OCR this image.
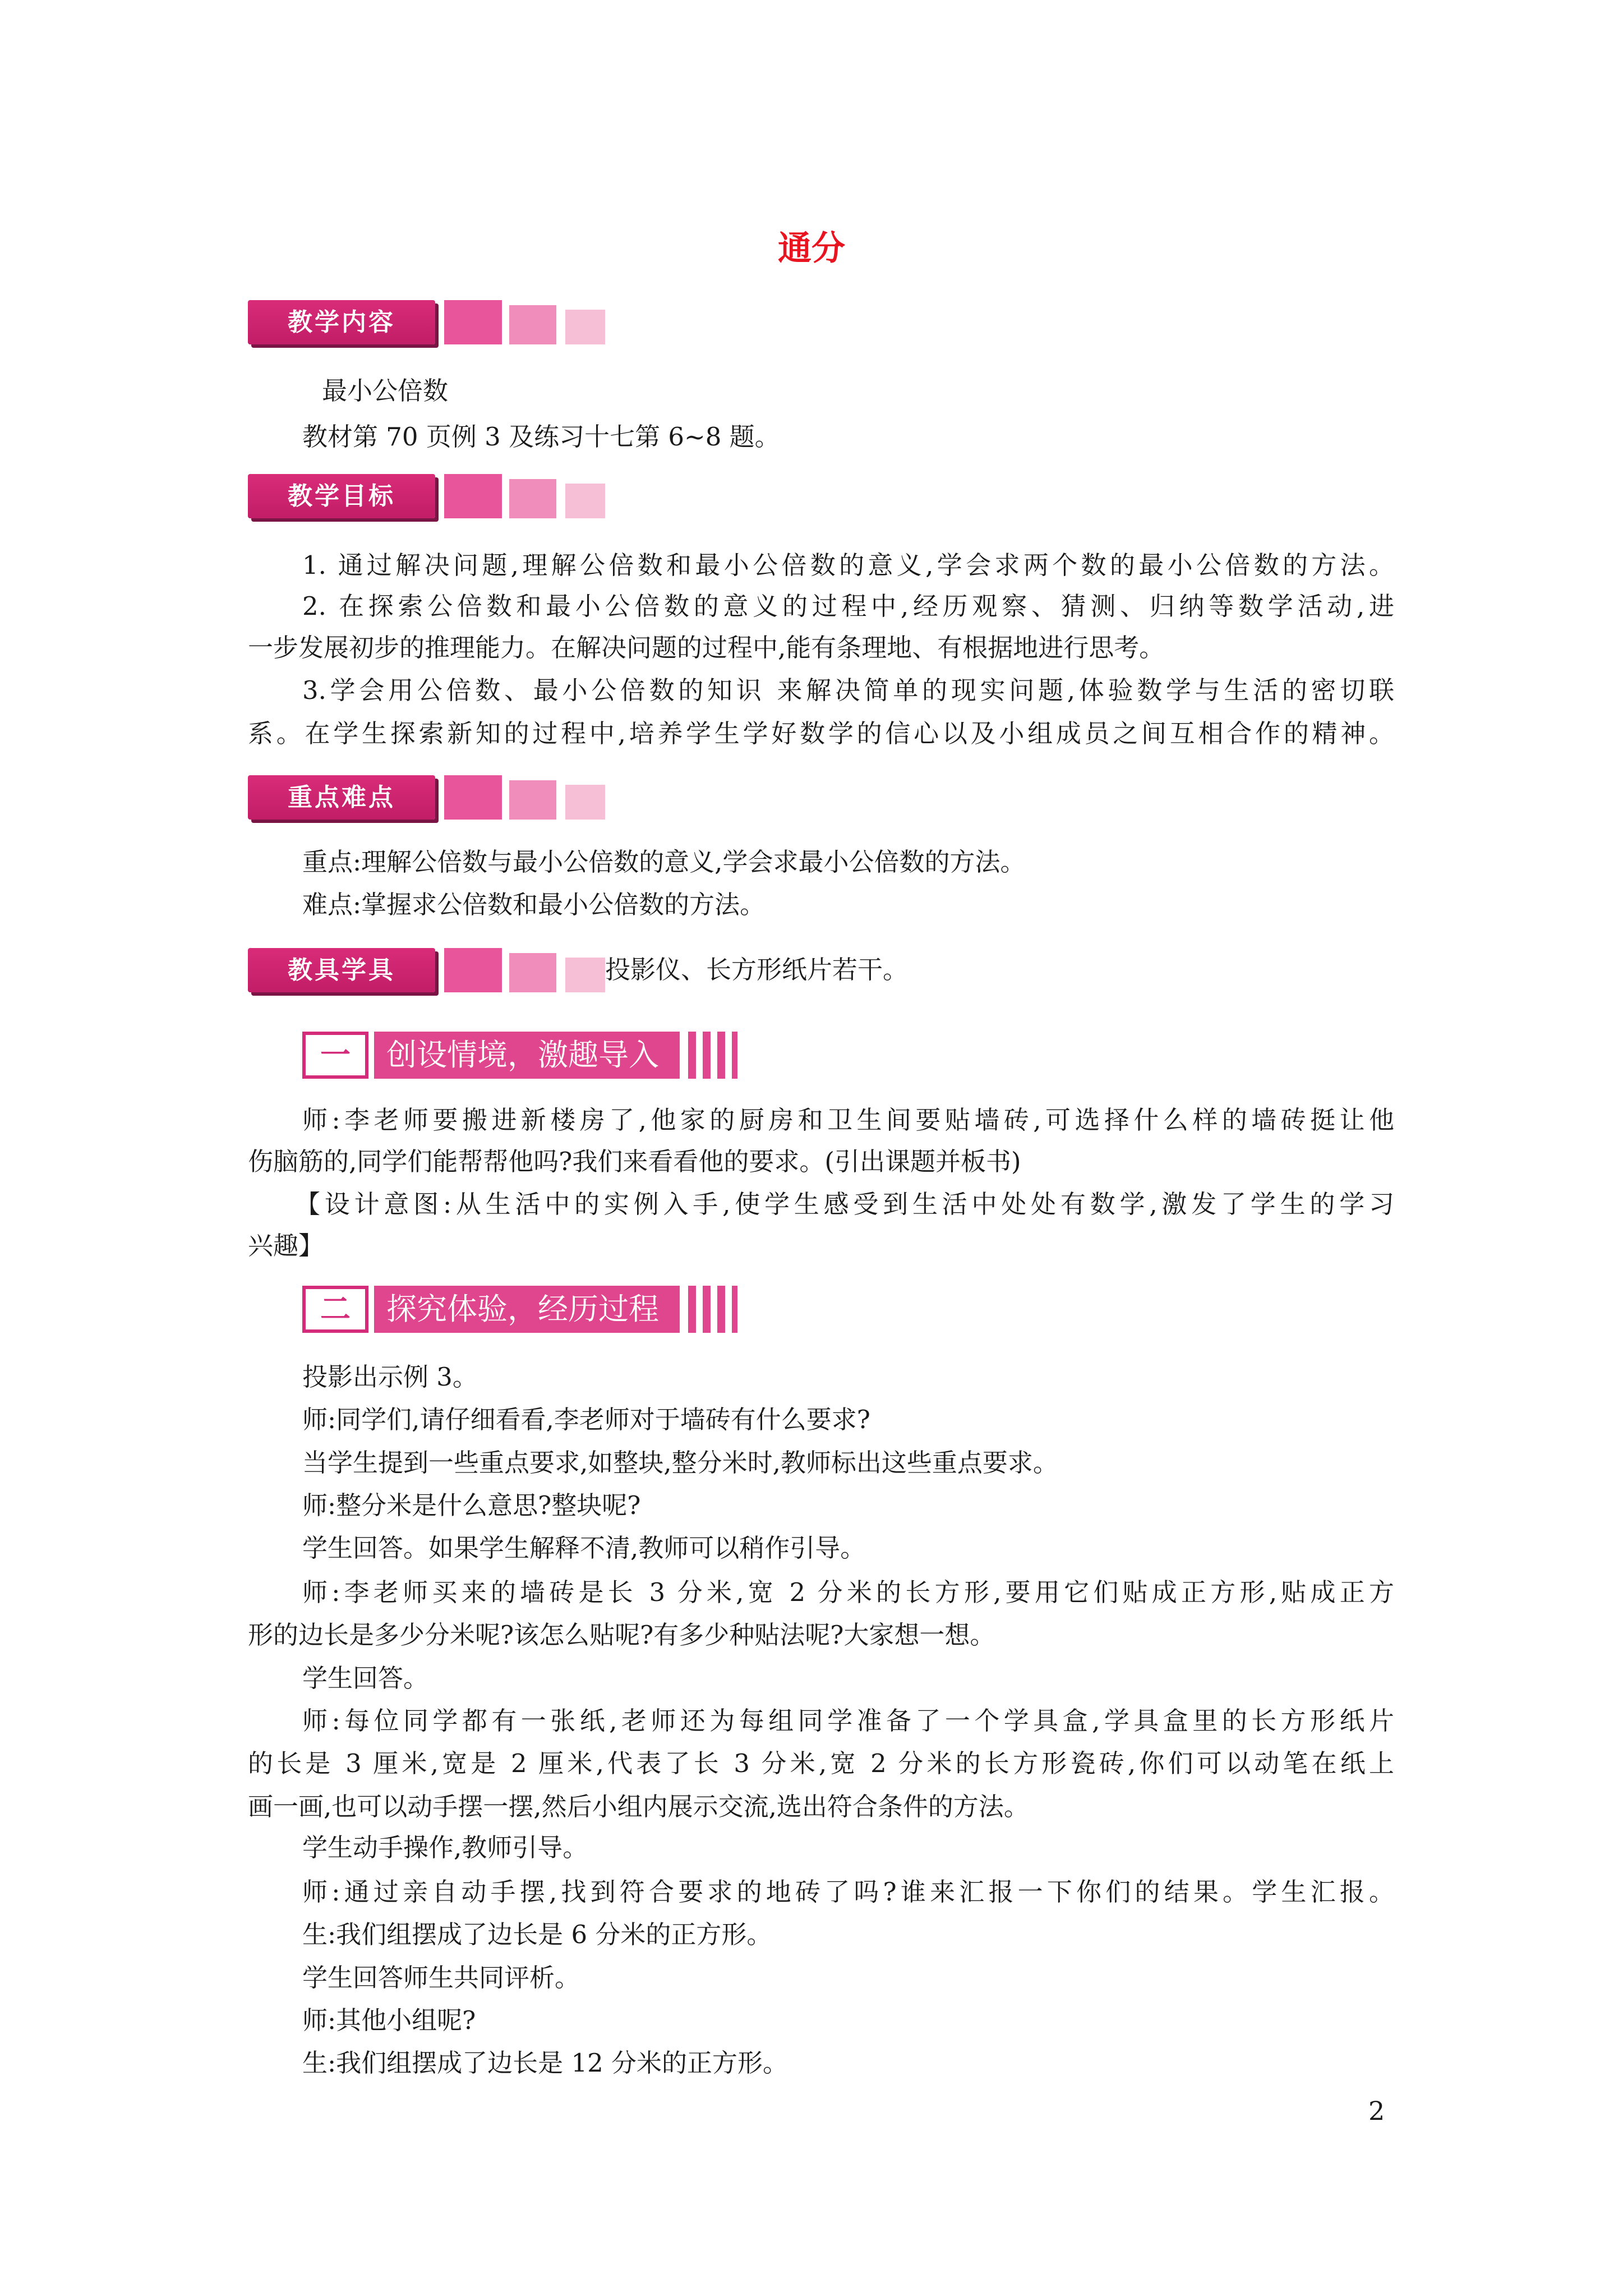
通分
教学内容
最小公倍数
教材第 70 页例 3 及练习十七第 6~8 题。
教学目标
1. 通过解决问题,理解公倍数和最小公倍数的意义,学会求两个数的最小公倍数的方法。
2. 在探索公倍数和最小公倍数的意义的过程中,经历观察、猜测、归纳等数学活动,进
一步发展初步的推理能力。在解决问题的过程中,能有条理地、有根据地进行思考。
3.学会用公倍数、最小公倍数的知识 来解决简单的现实问题,体验数学与生活的密切联
系。在学生探索新知的过程中,培养学生学好数学的信心以及小组成员之间互相合作的精神。
重点难点
重点:理解公倍数与最小公倍数的意义,学会求最小公倍数的方法。
难点:掌握求公倍数和最小公倍数的方法。
教具学具	投影仪、长方形纸片若干。
一	创设情境，激趣导入
师:李老师要搬进新楼房了,他家的厨房和卫生间要贴墙砖,可选择什么样的墙砖挺让他
伤脑筋的,同学们能帮帮他吗?我们来看看他的要求。(引出课题并板书)
【设计意图:从生活中的实例入手,使学生感受到生活中处处有数学,激发了学生的学习
兴趣】
二	探究体验，经历过程
投影出示例 3。
师:同学们,请仔细看看,李老师对于墙砖有什么要求?
当学生提到一些重点要求,如整块,整分米时,教师标出这些重点要求。
师:整分米是什么意思?整块呢?
学生回答。如果学生解释不清,教师可以稍作引导。
师:李老师买来的墙砖是长 3 分米,宽 2 分米的长方形,要用它们贴成正方形,贴成正方
形的边长是多少分米呢?该怎么贴呢?有多少种贴法呢?大家想一想。
学生回答。
师:每位同学都有一张纸,老师还为每组同学准备了一个学具盒,学具盒里的长方形纸片
的长是 3 厘米,宽是 2 厘米,代表了长 3 分米,宽 2 分米的长方形瓷砖,你们可以动笔在纸上
画一画,也可以动手摆一摆,然后小组内展示交流,选出符合条件的方法。
学生动手操作,教师引导。
师:通过亲自动手摆,找到符合要求的地砖了吗?谁来汇报一下你们的结果。学生汇报。
生:我们组摆成了边长是 6 分米的正方形。
学生回答师生共同评析。
师:其他小组呢?
生:我们组摆成了边长是 12 分米的正方形。
2
